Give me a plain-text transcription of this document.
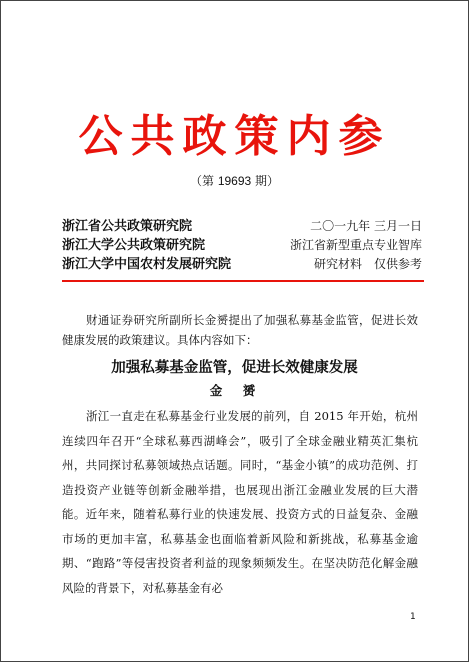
公共政策内参
（第 19693 期）
浙江省公共政策研究院	二〇一九年 三月一日
浙江大学公共政策研究院	浙江省新型重点专业智库
浙江大学中国农村发展研究院	研究材料　仅供参考
财通证券研究所副所长金赟提出了加强私募基金监管，促进长效健康发展的政策建议。具体内容如下：
加强私募基金监管，促进长效健康发展
金　赟

浙江一直走在私募基金行业发展的前列，自 2015 年开始，杭州连续四年召开“全球私募西湖峰会”，吸引了全球金融业精英汇集杭州，共同探讨私募领域热点话题。同时，“基金小镇”的成功范例、打造投资产业链等创新金融举措，也展现出浙江金融业发展的巨大潜能。近年来，随着私募行业的快速发展、投资方式的日益复杂、金融市场的更加丰富，私募基金也面临着新风险和新挑战，私募基金逾期、“跑路”等侵害投资者利益的现象频频发生。在坚决防范化解金融风险的背景下，对私募基金有必

1
